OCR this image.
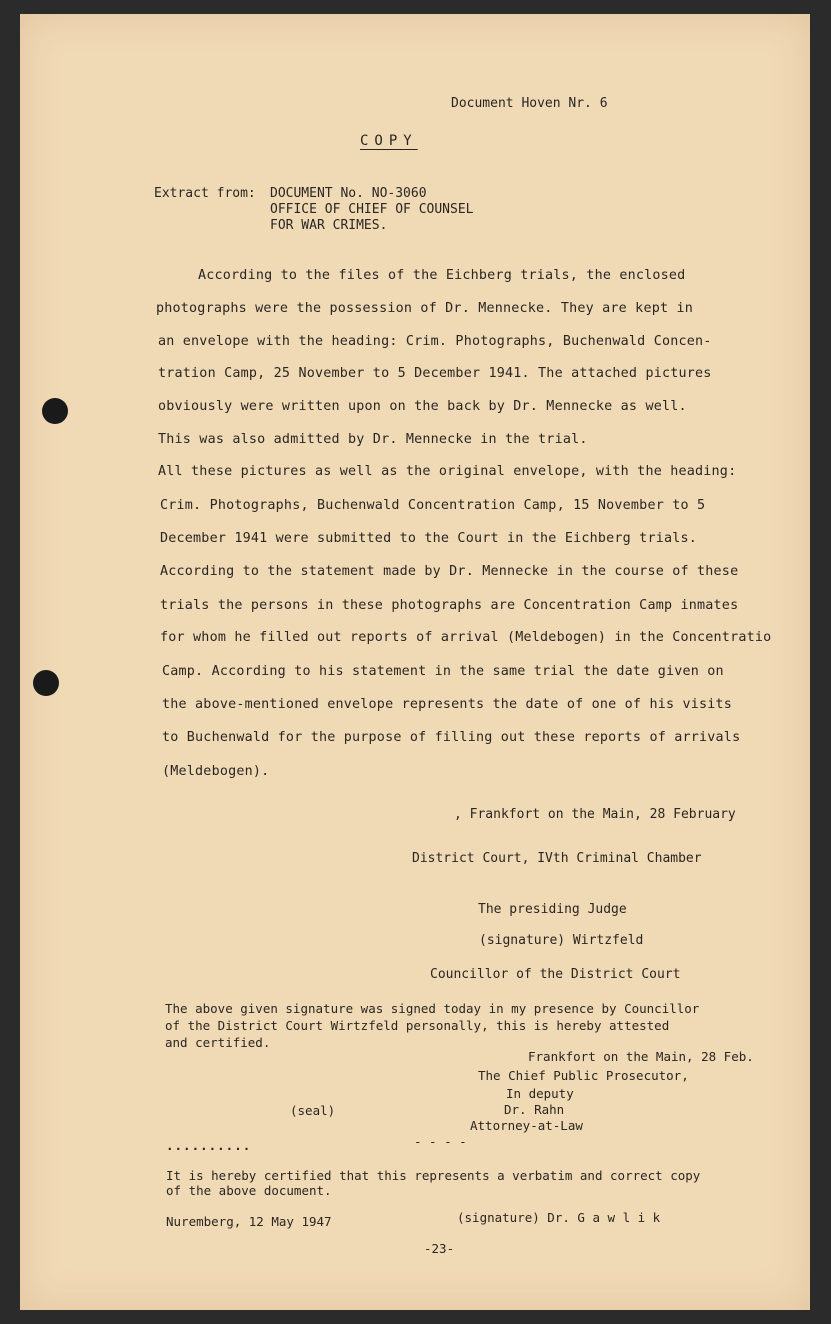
Document Hoven Nr. 6
COPY
Extract from: DOCUMENT No. NO-3060
OFFICE OF CHIEF OF COUNSEL
FOR WAR CRIMES.
According to the files of the Eichberg trials, the enclosed
photographs were the possession of Dr. Mennecke. They are kept in
an envelope with the heading: Crim. Photographs, Buchenwald Concen-
tration Camp, 25 November to 5 December 1941. The attached pictures
obviously were written upon on the back by Dr. Mennecke as well.
This was also admitted by Dr. Mennecke in the trial.
All these pictures as well as the original envelope, with the heading:
Crim. Photographs, Buchenwald Concentration Camp, 15 November to 5
December 1941 were submitted to the Court in the Eichberg trials.
According to the statement made by Dr. Mennecke in the course of these
trials the persons in these photographs are Concentration Camp inmates
for whom he filled out reports of arrival (Meldebogen) in the Concentratio
Camp. According to his statement in the same trial the date given on
the above-mentioned envelope represents the date of one of his visits
to Buchenwald for the purpose of filling out these reports of arrivals
(Meldebogen).
, Frankfort on the Main, 28 February
District Court, IVth Criminal Chamber
The presiding Judge
(signature) Wirtzfeld
Councillor of the District Court
The above given signature was signed today in my presence by Councillor
of the District Court Wirtzfeld personally, this is hereby attested
and certified.
Frankfort on the Main, 28 Feb.
The Chief Public Prosecutor,
In deputy
(seal)	Dr. Rahn
Attorney-at-Law
..........	- - - -
It is hereby certified that this represents a verbatim and correct copy
of the above document.
Nuremberg, 12 May 1947	(signature) Dr. G a w l i k
-23-
